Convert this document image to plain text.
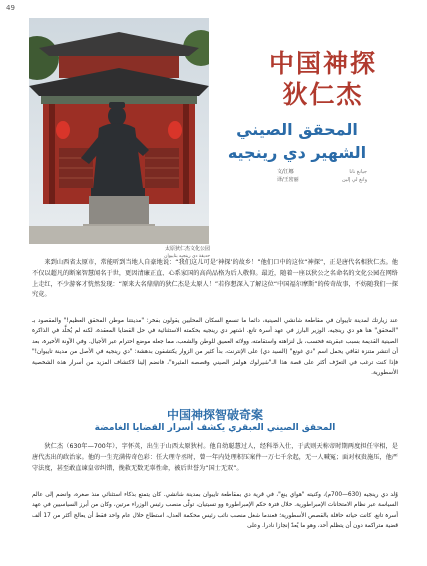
49
太原狄仁杰文化公园
حديقة دي رينجيه بتاييوان
中国神探
狄仁杰
المحقق الصيني
الشهير دي رينجيه
文/江娜	جيانغ نانا
译/王密丽	وانغ لي إلين

来到山西省太原市，常能听到当地人自豪地说：“我们这儿可是‘神探’的故乡！”他们口中的这位“神探”，正是唐代名相狄仁杰。他不仅以超凡的断案智慧闻名于世，更因清廉正直、心系家国的高尚品格为后人敬仰。最近，随着一座以狄公之名命名的文化公园在网络上走红，不少游客才恍然发现：“原来大名鼎鼎的狄仁杰是太原人！”若你想深入了解这位“中国福尔摩斯”的传奇故事，不妨随我们一探究竟。

عند زيارتك لمدينة تاييوان في مقاطعة شانشي الصينية، دائما ما تسمع السكان المحليين يقولون بفخر: "مدينتنا موطن المحقق العظيم!" والمقصود بـ "المحقق" هنا هو دي رينجيه، الوزير البارز في عهد أسرة تانغ. اشتهر دي رينجيه بحكمته الاستثنائية في حل القضايا المعقدة، لكنه لم يُخلَّد في الذاكرة الصينية القديمة بسبب عبقريته فحسب، بل لنزاهته واستقامته، وولائه العميق للوطن والشعب، مما جعله موضع احترام عبر الأجيال. وفي الآونة الأخيرة، بعد أن انتشر متنزه ثقافي يحمل اسم "دي غونغ" (السيد دي) على الإنترنت، بدأ كثير من الزوار يكتشفون بدهشة: "دي رينجيه في الأصل من مدينة تاييوان!" فإذا كنت ترغب في التعرّف أكثر على قصة هذا الـ"شيرلوك هولمز الصيني وقصصه المثيرة"، فانضم إلينا لاكتشاف المزيد من أسرار هذه الشخصية الأسطورية.

中国神探智破奇案
المحقق الصيني العبقري يكشف أسرار القضايا الغامضة

狄仁杰（630年—700年），字怀英，出生于山西太原狄村。他自幼聪慧过人，经科举入仕，于武则天称帝时期两度担任宰相，是唐代杰出的政治家。他的一生充满传奇色彩：任大理寺丞时，曾一年内处理积压案件一万七千余起，无一人喊冤；面对权贵施压，他严守法度，甚至敢直谏皇帝纠错，挽救无数无辜性命，被后世誉为“国士无双”。

وُلد دي رينجيه (630—700م)، وكنيته "هواي ينغ"، في قرية دي بمقاطعة تاييوان بمدينة شانشي. كان يتمتع بذكاء استثنائي منذ صغره، وانضم إلى عالم السياسة عبر نظام الامتحانات الإمبراطورية. خلال فترة حكم الإمبراطورة وو تسيتيان، تولّى منصب رئيس الوزراء مرتين، وكان من أبرز السياسيين في عهد أسرة تانغ. كانت حياته حافلة بالقصص الأسطورية؛ فعندما شغل منصب نائب رئيس محكمة العدل، استطاع خلال عام واحد فقط أن يعالج أكثر من 17 ألف قضية متراكمة دون أن يتظلم أحد، وهو ما يُعدّ إنجازا نادرا. وعلى
